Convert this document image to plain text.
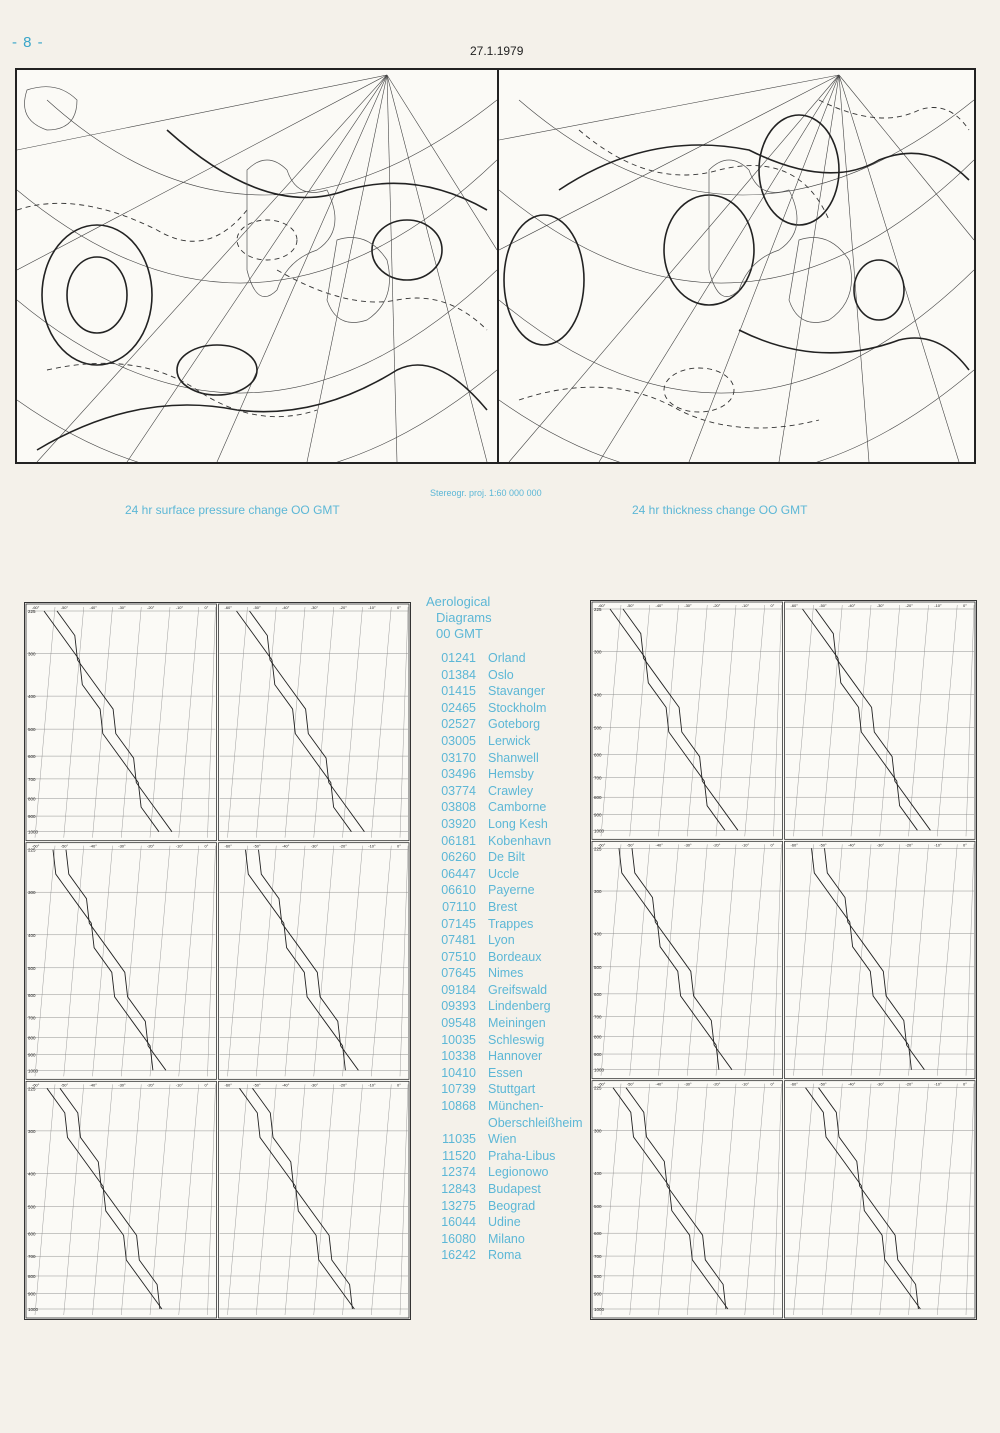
- 8 -	27.1.1979
24 hr surface pressure change OO GMT
Stereogr. proj. 1:60 000 000
24 hr thickness change OO GMT
225
300
400
500
600
700
800
900
1000
-60°	-50°	-40°	-30°	-20°	-10°	0°	-60°	-50°	-40°	-30°	-20°	-10°	0°
225
300
400
500
600
700
800
900
1000
-60°	-50°	-40°	-30°	-20°	-10°	0°	-60°	-50°	-40°	-30°	-20°	-10°	0°
225
300
400
500
600
700
800
900
1000
-60°	-50°	-40°	-30°	-20°	-10°	0°	-60°	-50°	-40°	-30°	-20°	-10°	0°
225
300
400
500
600
700
800
900
1000
-60°	-50°	-40°	-30°	-20°	-10°	0°	-60°	-50°	-40°	-30°	-20°	-10°	0°
225
300
400
500
600
700
800
900
1000
-60°	-50°	-40°	-30°	-20°	-10°	0°	-60°	-50°	-40°	-30°	-20°	-10°	0°
225
300
400
500
600
700
800
900
1000
-60°	-50°	-40°	-30°	-20°	-10°	0°	-60°	-50°	-40°	-30°	-20°	-10°	0°
Aerological
Diagrams
00 GMT
01241 Orland
01384 Oslo
01415 Stavanger
02465 Stockholm
02527 Goteborg
03005 Lerwick
03170 Shanwell
03496 Hemsby
03774 Crawley
03808 Camborne
03920 Long Kesh
06181 Kobenhavn
06260 De Bilt
06447 Uccle
06610 Payerne
07110 Brest
07145 Trappes
07481 Lyon
07510 Bordeaux
07645 Nimes
09184 Greifswald
09393 Lindenberg
09548 Meiningen
10035 Schleswig
10338 Hannover
10410 Essen
10739 Stuttgart
10868 München-
Oberschleißheim
11035 Wien
11520 Praha-Libus
12374 Legionowo
12843 Budapest
13275 Beograd
16044 Udine
16080 Milano
16242 Roma
